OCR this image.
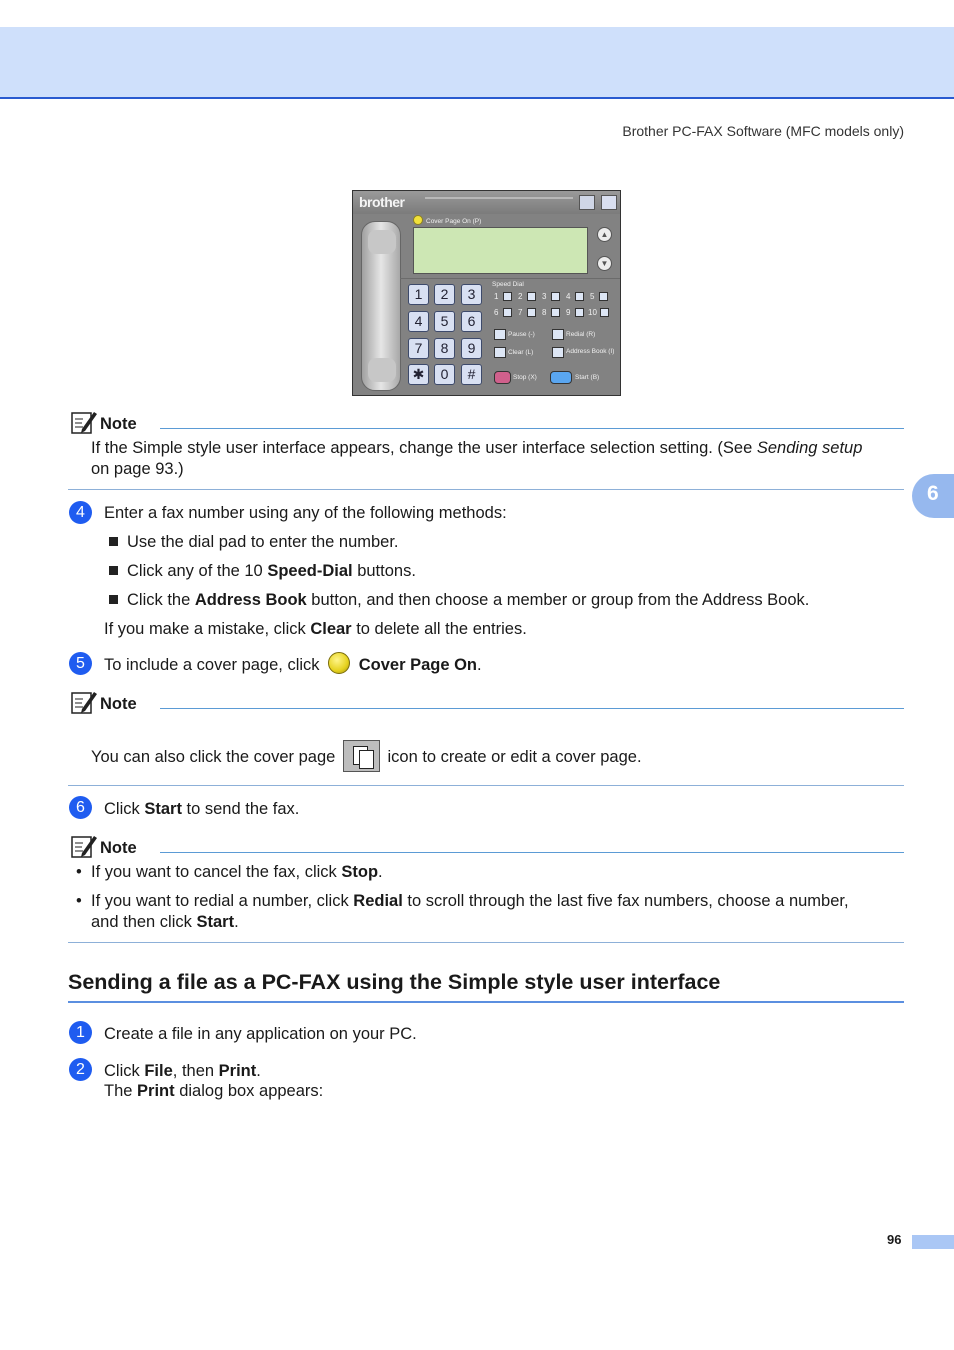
Brother PC-FAX Software (MFC models only)
6
brother
Cover Page On (P)
▲
▼
1	2	3
4	5	6
7	8	9
✱	0	#
Speed Dial
1 2 3 4 5
6 7 8 9 10
Pause (-)	Redial (R)
Clear (L)	Address Book (I)
Stop (X)	Start (B)
Note
If the Simple style user interface appears, change the user interface selection setting. (See Sending setup
on page 93.)
4	Enter a fax number using any of the following methods:
Use the dial pad to enter the number.
Click any of the 10 Speed-Dial buttons.
Click the Address Book button, and then choose a member or group from the Address Book.
If you make a mistake, click Clear to delete all the entries.
5	To include a cover page, click  Cover Page On.
Note
You can also click the cover page	icon to create or edit a cover page.
6	Click Start to send the fax.
Note
• If you want to cancel the fax, click Stop.
• If you want to redial a number, click Redial to scroll through the last five fax numbers, choose a number,
and then click Start.
Sending a file as a PC-FAX using the Simple style user interface
1	Create a file in any application on your PC.
2	Click File, then Print.
The Print dialog box appears:
96
